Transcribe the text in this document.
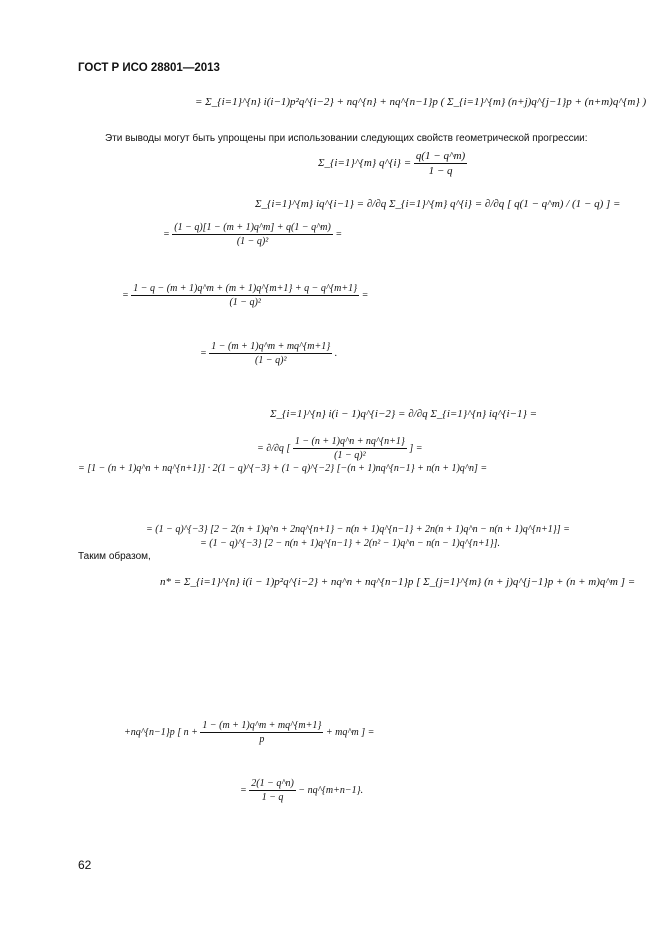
ГОСТ Р ИСО 28801—2013
= Σ_{i=1}^{n} i(i−1)p²q^{i−2} + nq^{n} + nq^{n−1}p ( Σ_{i=1}^{m} (n+j)q^{j−1}p + (n+m)q^{m} )
Эти выводы могут быть упрощены при использовании следующих свойств геометрической прогрессии:
Σ_{i=1}^{m} q^{i} = $\frac{q(1 - q\^{}m)}{1 - q}$
Σ_{i=1}^{m} iq^{i−1} = ∂/∂q Σ_{i=1}^{m} q^{i} = ∂/∂q [ q(1 − q^m) / (1 − q) ] =
= $\frac{(1 - q)[1 - (m + 1)q\^{}m] + q(1 - q\^{}m)}{\text{(1 − q)²}}$ =
= $\frac{1 - q - (m + 1)q\^{}m + (m + 1)q\^{}\{m+1\} + q - q\^{}\{m+1\}}{\text{(1 − q)²}}$ =
= $\frac{1 - (m + 1)q\^{}m + mq\^{}\{m+1\}}{\text{(1 − q)²}}$ .
Σ_{i=1}^{n} i(i − 1)q^{i−2} = ∂/∂q Σ_{i=1}^{n} iq^{i−1} =
= ∂/∂q [ $\frac{1 - (n + 1)q\^{}n + nq\^{}\{n+1\}}{\text{(1 − q)²}}$ ] =
= [1 − (n + 1)q^n + nq^{n+1}] · 2(1 − q)^{−3} + (1 − q)^{−2} [−(n + 1)nq^{n−1} + n(n + 1)q^n] =
= (1 − q)^{−3} [2 − 2(n + 1)q^n + 2nq^{n+1} − n(n + 1)q^{n−1} + 2n(n + 1)q^n − n(n + 1)q^{n+1}] =
= (1 − q)^{−3} [2 − n(n + 1)q^{n−1} + 2(n² − 1)q^n − n(n − 1)q^{n+1}].
Таким образом,
n* = Σ_{i=1}^{n} i(i − 1)p²q^{i−2} + nq^n + nq^{n−1}p [ Σ_{j=1}^{m} (n + j)q^{j−1}p + (n + m)q^m ] =
+nq^{n−1}p [ $n + \frac{1 - (m + 1)q\^{}m + mq\^{}\{m+1\}}{p}$ + mq^m ] =
= $\frac{2(1 - q\^{}n)}{1 - q}$ − nq^{m+n−1}.
62
